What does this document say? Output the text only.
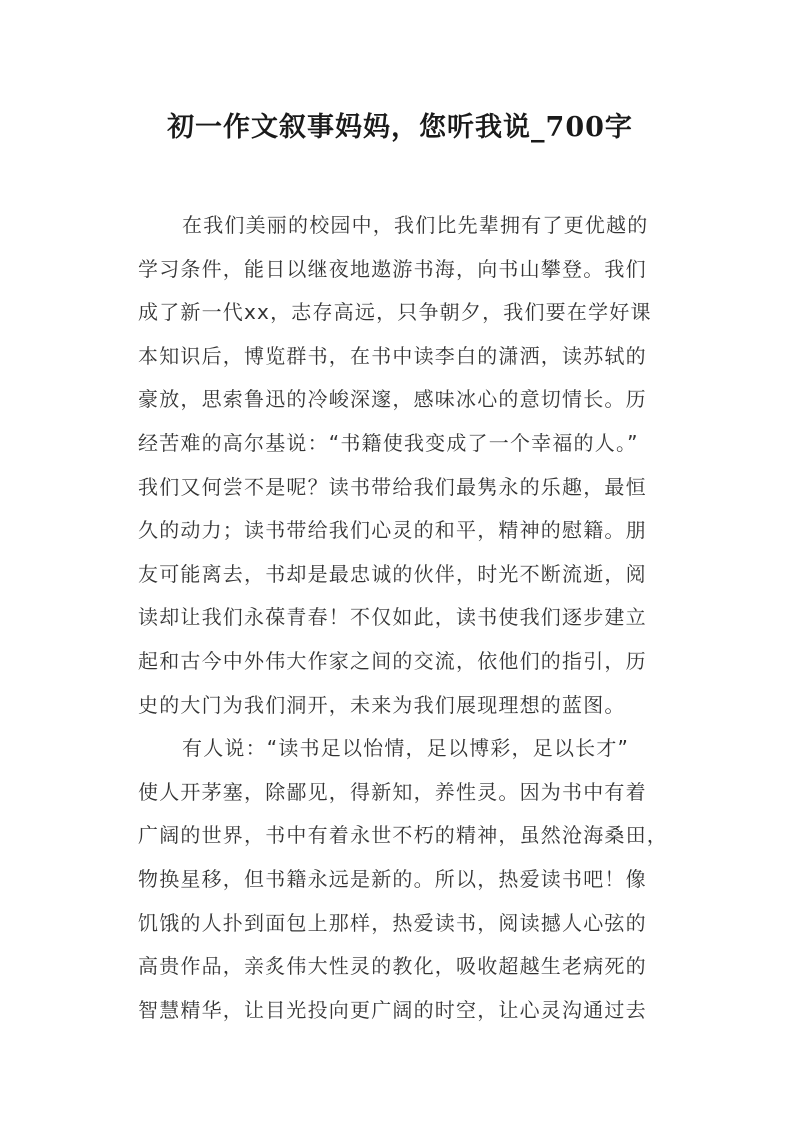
初一作文叙事妈妈，您听我说_700字
在我们美丽的校园中，我们比先辈拥有了更优越的
学习条件，能日以继夜地遨游书海，向书山攀登。我们
成了新一代xx，志存高远，只争朝夕，我们要在学好课
本知识后，博览群书，在书中读李白的潇洒，读苏轼的
豪放，思索鲁迅的冷峻深邃，感味冰心的意切情长。历
经苦难的高尔基说：“书籍使我变成了一个幸福的人。”
我们又何尝不是呢？读书带给我们最隽永的乐趣，最恒
久的动力；读书带给我们心灵的和平，精神的慰籍。朋
友可能离去，书却是最忠诚的伙伴，时光不断流逝，阅
读却让我们永葆青春！不仅如此，读书使我们逐步建立
起和古今中外伟大作家之间的交流，依他们的指引，历
史的大门为我们洞开，未来为我们展现理想的蓝图。
有人说：“读书足以怡情，足以博彩，足以长才”
使人开茅塞，除鄙见，得新知，养性灵。因为书中有着
广阔的世界，书中有着永世不朽的精神，虽然沧海桑田，
物换星移，但书籍永远是新的。所以，热爱读书吧！像
饥饿的人扑到面包上那样，热爱读书，阅读撼人心弦的
高贵作品，亲炙伟大性灵的教化，吸收超越生老病死的
智慧精华，让目光投向更广阔的时空，让心灵沟通过去
